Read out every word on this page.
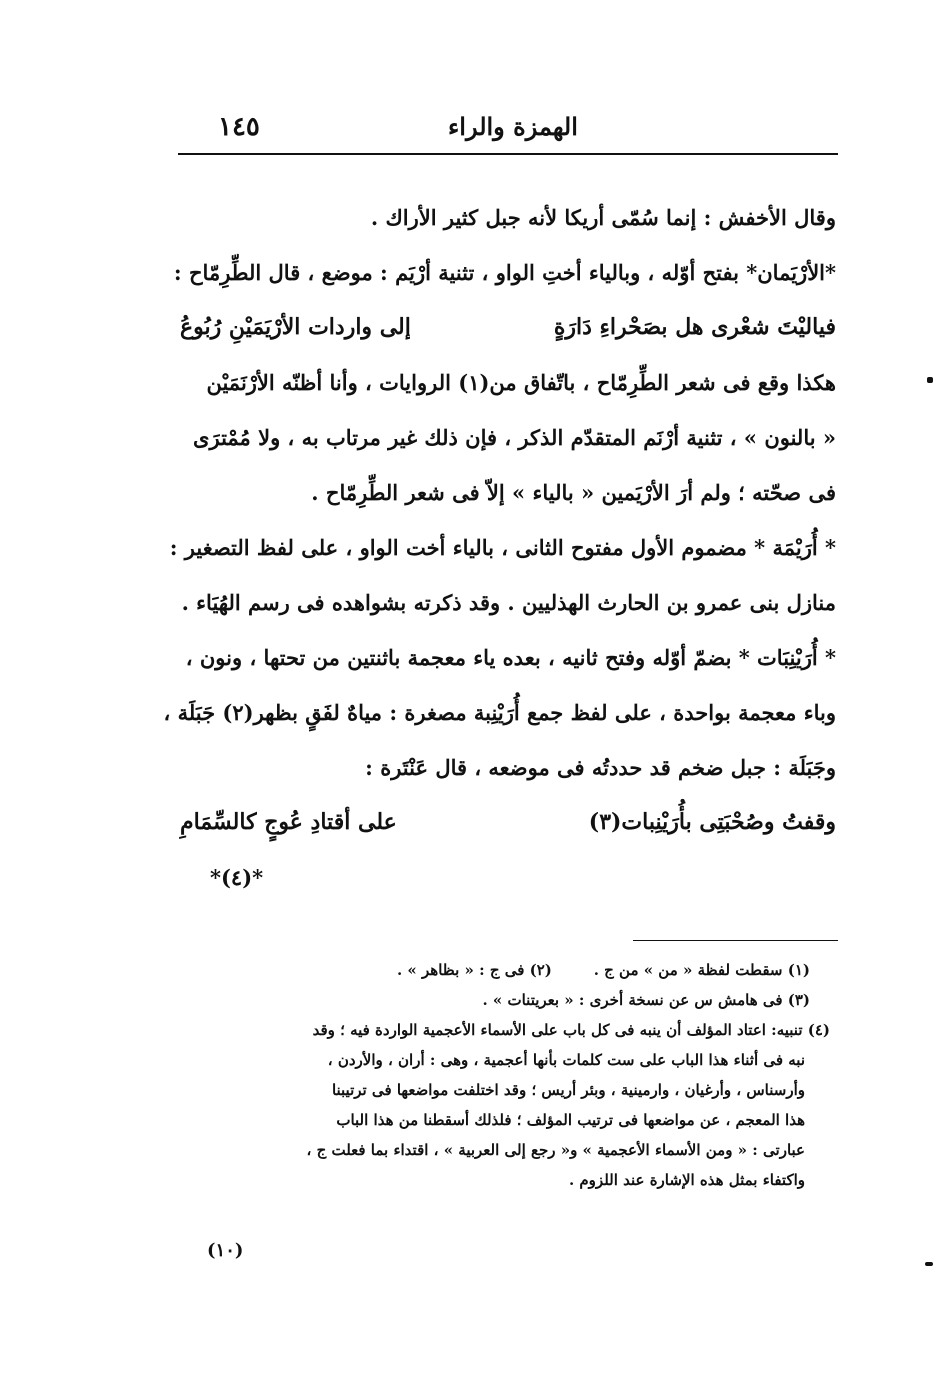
١٤٥	الهمزة والراء

وقال الأخفش : إنما سُمّى أريكا لأنه جبل كثير الأراك .

*الأرْيَمان* بفتح أوّله ، وبالياء أختِ الواو ، تثنية أرْيَم : موضع ، قال الطِّرِمّاح :

فياليْتَ شعْرى هل بصَحْراءِ دَارَةٍ
إلى واردات الأرْيَمَيْنِ رُبُوعُ

هكذا وقع فى شعر الطِّرِمّاح ، باتّفاق من(١) الروايات ، وأنا أظنّه الأرْنَمَيْن
« بالنون » ، تثنية أرْنَم المتقدّم الذكر ، فإن ذلك غير مرتاب به ، ولا مُمْترَى
فى صحّته ؛ ولم أرَ الأرْيَمين « بالياء » إلاّ فى شعر الطِّرِمّاح .

* أُرَيْمَة * مضموم الأول مفتوح الثانى ، بالياء أخت الواو ، على لفظ التصغير :
منازل بنى عمرو بن الحارث الهذليين . وقد ذكرته بشواهده فى رسم الهُيَاء .

* أُرَيْنِبَات * بضمّ أوّله وفتح ثانيه ، بعده ياء معجمة باثنتين من تحتها ، ونون ،
وباء معجمة بواحدة ، على لفظ جمع أُرَيْنِبة مصغرة : مياهٌ لفَقٍ بظهر(٢) جَبَلَة ،
وجَبَلَة : جبل ضخم قد حددتُه فى موضعه ، قال عَنْتَرة :

وقفتُ وصُحْبَتِى بأُرَيْنِبات(٣)
على أقتادِ عُوجٍ كالسِّمَامِ
*(٤)*
(١) سقطت لفظة « من » من ج .        (٢) فى ج : « بظاهر » .
(٣) فى هامش س عن نسخة أخرى : « بعريتنات » .
(٤) تنبيه: اعتاد المؤلف أن ينبه فى كل باب على الأسماء الأعجمية الواردة فيه ؛ وقد
نبه فى أثناء هذا الباب على ست كلمات بأنها أعجمية ، وهى : أران ، والأردن ،
وأرسناس ، وأرغيان ، وارمينية ، وبئر أريس ؛ وقد اختلفت مواضعها فى ترتيبنا
هذا المعجم ، عن مواضعها فى ترتيب المؤلف ؛ فلذلك أسقطنا من هذا الباب
عبارتى : « ومن الأسماء الأعجمية » و« رجع إلى العربية » ، اقتداء بما فعلت ج ،
واكتفاء بمثل هذه الإشارة عند اللزوم .
(١٠)
